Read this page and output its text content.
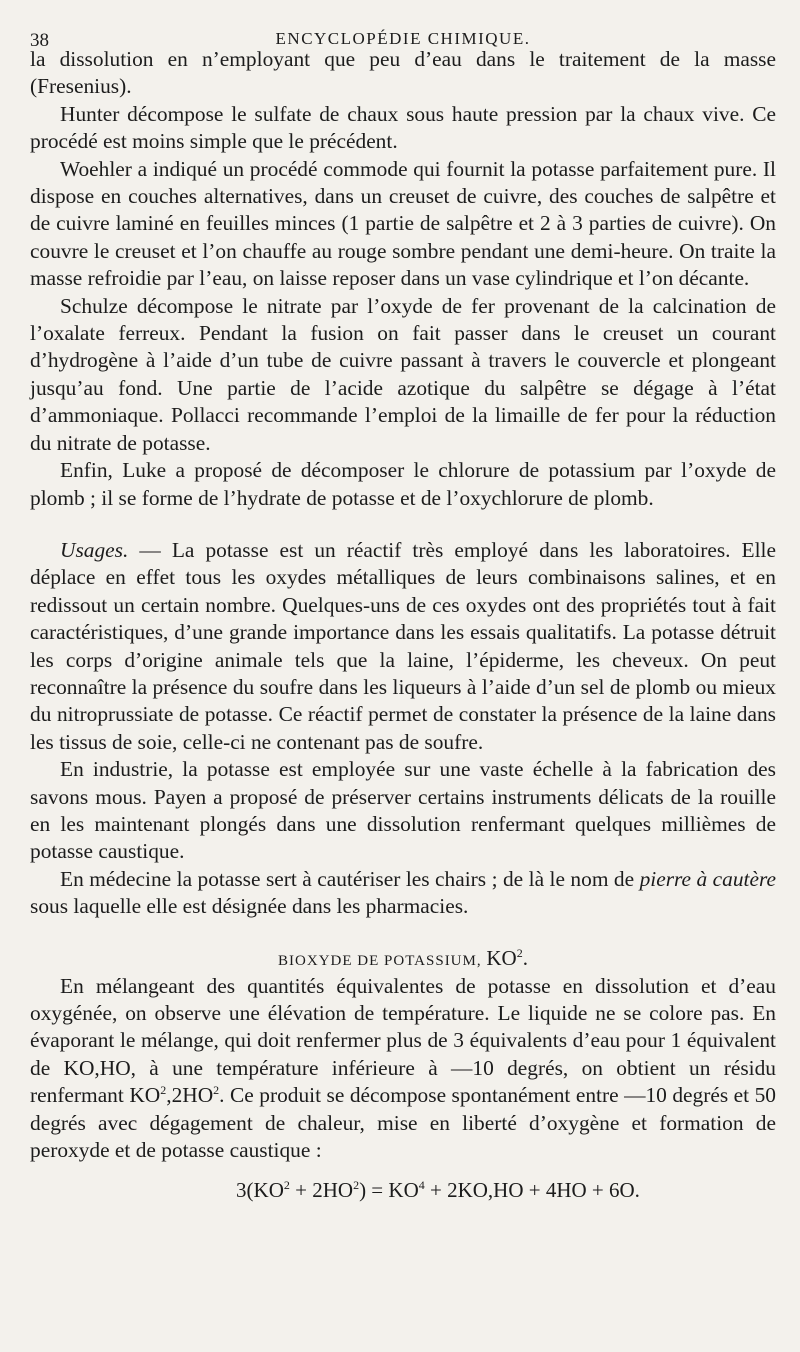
38	ENCYCLOPÉDIE CHIMIQUE.

la dissolution en n’employant que peu d’eau dans le traitement de la masse (Fresenius).

Hunter décompose le sulfate de chaux sous haute pression par la chaux vive. Ce procédé est moins simple que le précédent.

Woehler a indiqué un procédé commode qui fournit la potasse parfaitement pure. Il dispose en couches alternatives, dans un creuset de cuivre, des couches de salpêtre et de cuivre laminé en feuilles minces (1 partie de salpêtre et 2 à 3 parties de cuivre). On couvre le creuset et l’on chauffe au rouge sombre pendant une demi-heure. On traite la masse refroidie par l’eau, on laisse reposer dans un vase cylindrique et l’on décante.

Schulze décompose le nitrate par l’oxyde de fer provenant de la calcination de l’oxalate ferreux. Pendant la fusion on fait passer dans le creuset un courant d’hydrogène à l’aide d’un tube de cuivre passant à travers le couvercle et plongeant jusqu’au fond. Une partie de l’acide azotique du salpêtre se dégage à l’état d’ammoniaque. Pollacci recommande l’emploi de la limaille de fer pour la réduction du nitrate de potasse.

Enfin, Luke a proposé de décomposer le chlorure de potassium par l’oxyde de plomb ; il se forme de l’hydrate de potasse et de l’oxychlorure de plomb.

Usages. — La potasse est un réactif très employé dans les laboratoires. Elle déplace en effet tous les oxydes métalliques de leurs combinaisons salines, et en redissout un certain nombre. Quelques-uns de ces oxydes ont des propriétés tout à fait caractéristiques, d’une grande importance dans les essais qualitatifs. La potasse détruit les corps d’origine animale tels que la laine, l’épiderme, les cheveux. On peut reconnaître la présence du soufre dans les liqueurs à l’aide d’un sel de plomb ou mieux du nitroprussiate de potasse. Ce réactif permet de constater la présence de la laine dans les tissus de soie, celle-ci ne contenant pas de soufre.

En industrie, la potasse est employée sur une vaste échelle à la fabrication des savons mous. Payen a proposé de préserver certains instruments délicats de la rouille en les maintenant plongés dans une dissolution renfermant quelques millièmes de potasse caustique.

En médecine la potasse sert à cautériser les chairs ; de là le nom de pierre à cautère sous laquelle elle est désignée dans les pharmacies.

BIOXYDE DE POTASSIUM, $KO^2$.

En mélangeant des quantités équivalentes de potasse en dissolution et d’eau oxygénée, on observe une élévation de température. Le liquide ne se colore pas. En évaporant le mélange, qui doit renfermer plus de 3 équivalents d’eau pour 1 équivalent de KO,HO, à une température inférieure à —10 degrés, on obtient un résidu renfermant $KO^2,2HO^2$. Ce produit se décompose spontanément entre —10 degrés et 50 degrés avec dégagement de chaleur, mise en liberté d’oxygène et formation de peroxyde et de potasse caustique :

$3(KO^2 + 2HO^2) = KO^4 + 2KO,HO + 4HO + 6O$.
